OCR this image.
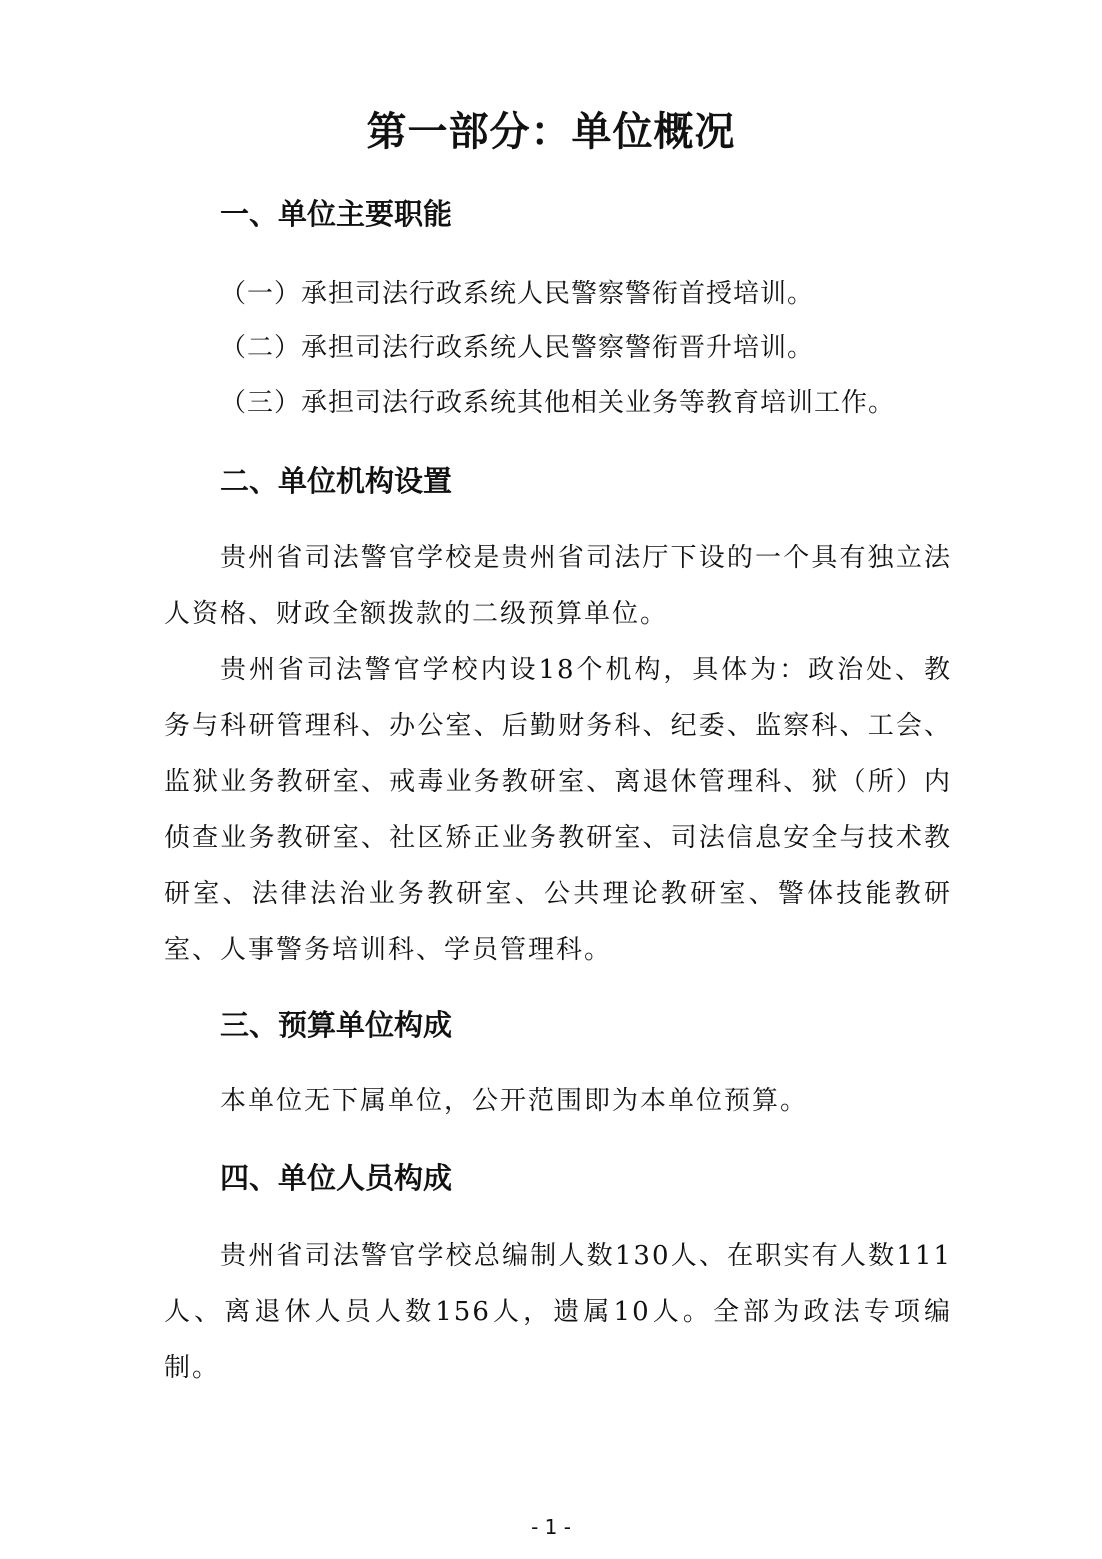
第一部分：单位概况
一、单位主要职能

（一）承担司法行政系统人民警察警衔首授培训。

（二）承担司法行政系统人民警察警衔晋升培训。

（三）承担司法行政系统其他相关业务等教育培训工作。

二、单位机构设置

贵州省司法警官学校是贵州省司法厅下设的一个具有独立法人资格、财政全额拨款的二级预算单位。

贵州省司法警官学校内设18个机构，具体为：政治处、教务与科研管理科、办公室、后勤财务科、纪委、监察科、工会、监狱业务教研室、戒毒业务教研室、离退休管理科、狱（所）内侦查业务教研室、社区矫正业务教研室、司法信息安全与技术教研室、法律法治业务教研室、公共理论教研室、警体技能教研室、人事警务培训科、学员管理科。

三、预算单位构成

本单位无下属单位，公开范围即为本单位预算。

四、单位人员构成

贵州省司法警官学校总编制人数130人、在职实有人数111人、离退休人员人数156人，遗属10人。全部为政法专项编制。

- 1 -
